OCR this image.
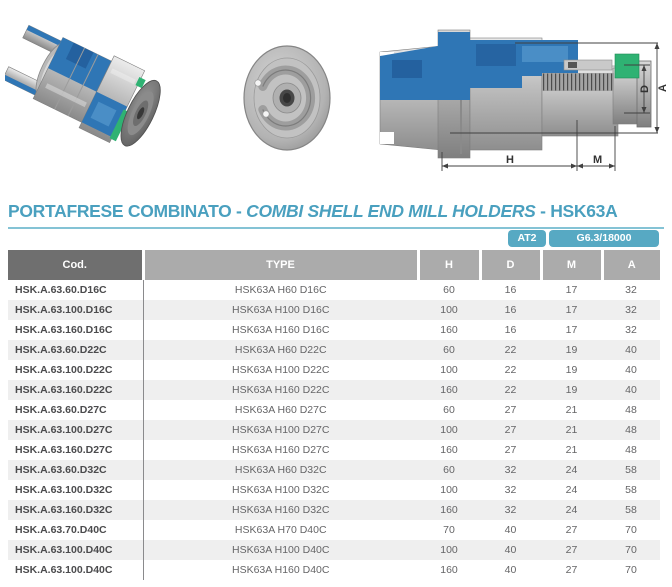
H	M
D A
PORTAFRESE COMBINATO - COMBI SHELL END MILL HOLDERS - HSK63A
AT2	G6.3/18000
Cod.	TYPE	H	D	M	A
HSK.A.63.60.D16C	HSK63A H60 D16C	60	16	17	32
HSK.A.63.100.D16C	HSK63A H100 D16C	100	16	17	32
HSK.A.63.160.D16C	HSK63A H160 D16C	160	16	17	32
HSK.A.63.60.D22C	HSK63A H60 D22C	60	22	19	40
HSK.A.63.100.D22C	HSK63A H100 D22C	100	22	19	40
HSK.A.63.160.D22C	HSK63A H160 D22C	160	22	19	40
HSK.A.63.60.D27C	HSK63A H60 D27C	60	27	21	48
HSK.A.63.100.D27C	HSK63A H100 D27C	100	27	21	48
HSK.A.63.160.D27C	HSK63A H160 D27C	160	27	21	48
HSK.A.63.60.D32C	HSK63A H60 D32C	60	32	24	58
HSK.A.63.100.D32C	HSK63A H100 D32C	100	32	24	58
HSK.A.63.160.D32C	HSK63A H160 D32C	160	32	24	58
HSK.A.63.70.D40C	HSK63A H70 D40C	70	40	27	70
HSK.A.63.100.D40C	HSK63A H100 D40C	100	40	27	70
HSK.A.63.100.D40C	HSK63A H160 D40C	160	40	27	70
